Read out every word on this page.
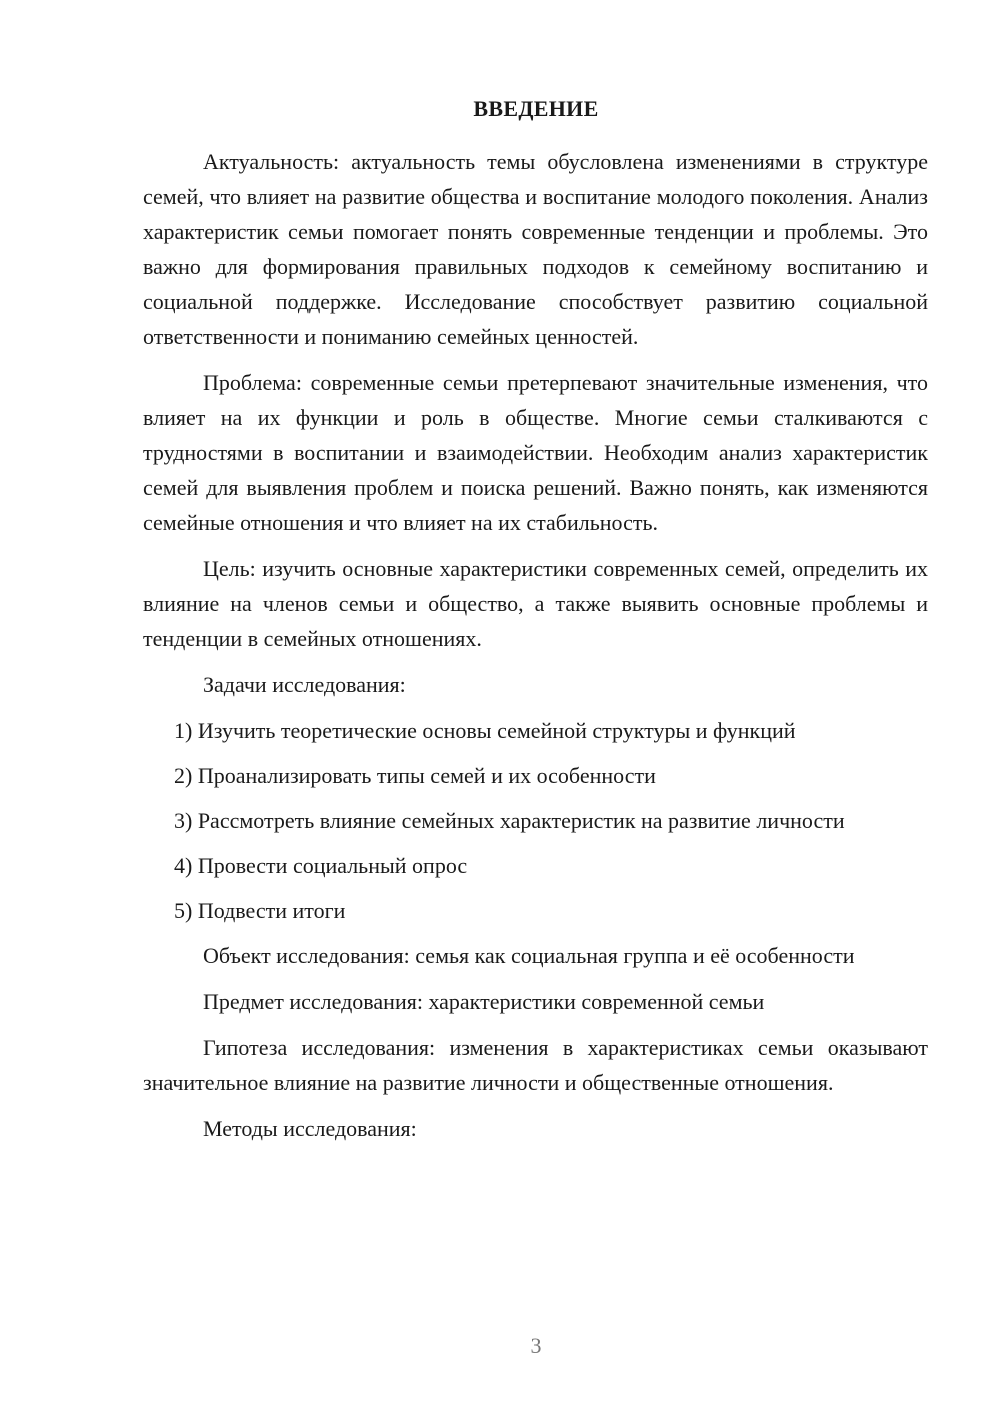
ВВЕДЕНИЕ

Актуальность: актуальность темы обусловлена изменениями в структуре семей, что влияет на развитие общества и воспитание молодого поколения. Анализ характеристик семьи помогает понять современные тенденции и проблемы. Это важно для формирования правильных подходов к семейному воспитанию и социальной поддержке. Исследование способствует развитию социальной ответственности и пониманию семейных ценностей.

Проблема: современные семьи претерпевают значительные изменения, что влияет на их функции и роль в обществе. Многие семьи сталкиваются с трудностями в воспитании и взаимодействии. Необходим анализ характеристик семей для выявления проблем и поиска решений. Важно понять, как изменяются семейные отношения и что влияет на их стабильность.

Цель: изучить основные характеристики современных семей, определить их влияние на членов семьи и общество, а также выявить основные проблемы и тенденции в семейных отношениях.

Задачи исследования:

1) Изучить теоретические основы семейной структуры и функций
2) Проанализировать типы семей и их особенности
3) Рассмотреть влияние семейных характеристик на развитие личности
4) Провести социальный опрос
5) Подвести итоги

Объект исследования: семья как социальная группа и её особенности

Предмет исследования: характеристики современной семьи

Гипотеза исследования: изменения в характеристиках семьи оказывают значительное влияние на развитие личности и общественные отношения.

Методы исследования:

3
